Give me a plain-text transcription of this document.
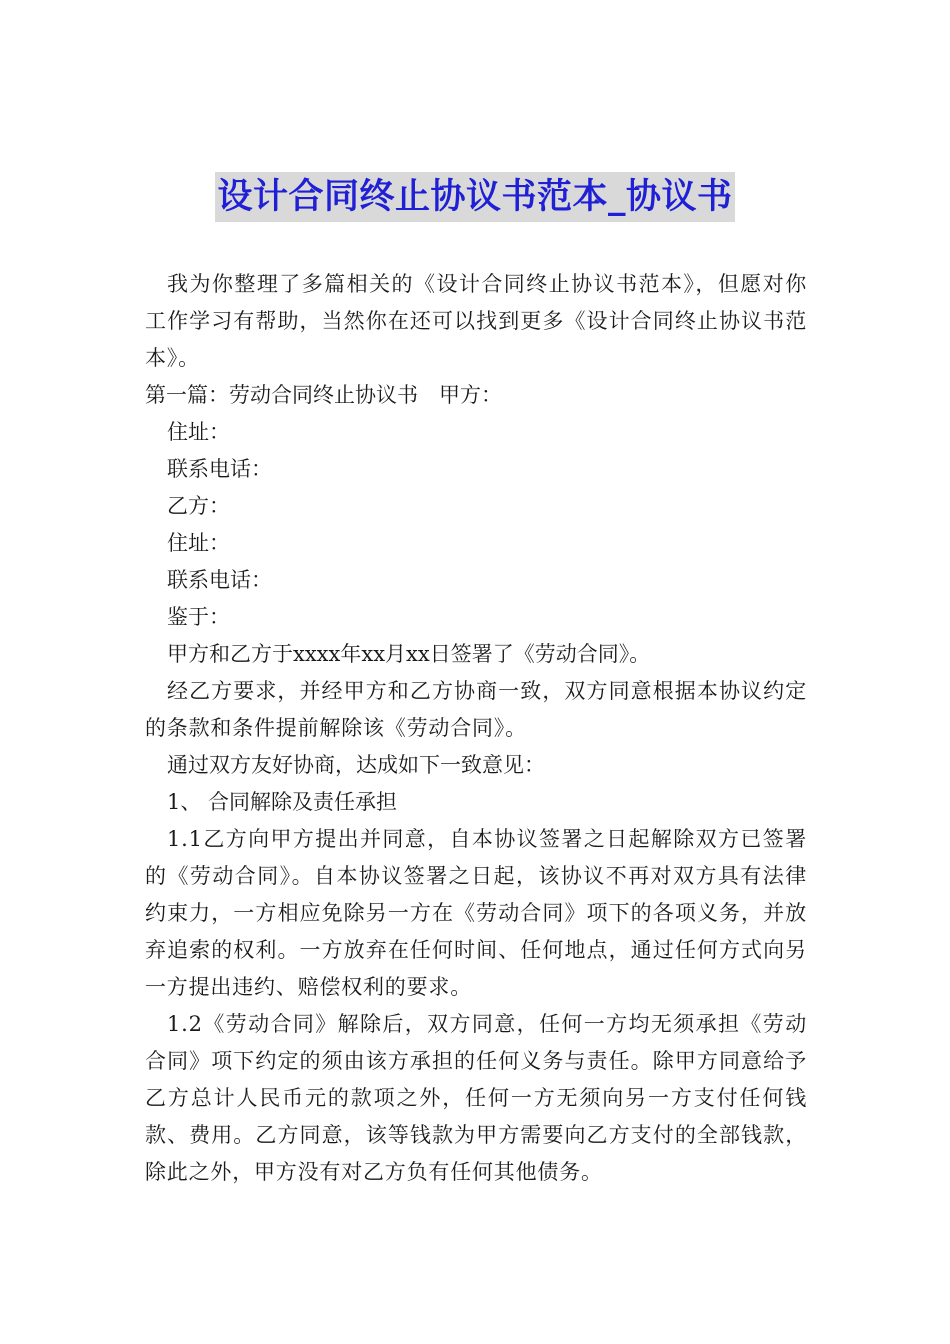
设计合同终止协议书范本_协议书

我为你整理了多篇相关的《设计合同终止协议书范本》，但愿对你工作学习有帮助，当然你在还可以找到更多《设计合同终止协议书范本》。

第一篇：劳动合同终止协议书　甲方：

住址：

联系电话：

乙方：

住址：

联系电话：

鉴于：

甲方和乙方于xxxx年xx月xx日签署了《劳动合同》。

经乙方要求，并经甲方和乙方协商一致，双方同意根据本协议约定的条款和条件提前解除该《劳动合同》。

通过双方友好协商，达成如下一致意见：

1、 合同解除及责任承担

1.1乙方向甲方提出并同意，自本协议签署之日起解除双方已签署的《劳动合同》。自本协议签署之日起，该协议不再对双方具有法律约束力，一方相应免除另一方在《劳动合同》项下的各项义务，并放弃追索的权利。一方放弃在任何时间、任何地点，通过任何方式向另一方提出违约、赔偿权利的要求。

1.2《劳动合同》解除后，双方同意，任何一方均无须承担《劳动合同》项下约定的须由该方承担的任何义务与责任。除甲方同意给予乙方总计人民币元的款项之外，任何一方无须向另一方支付任何钱款、费用。乙方同意，该等钱款为甲方需要向乙方支付的全部钱款，除此之外，甲方没有对乙方负有任何其他债务。
